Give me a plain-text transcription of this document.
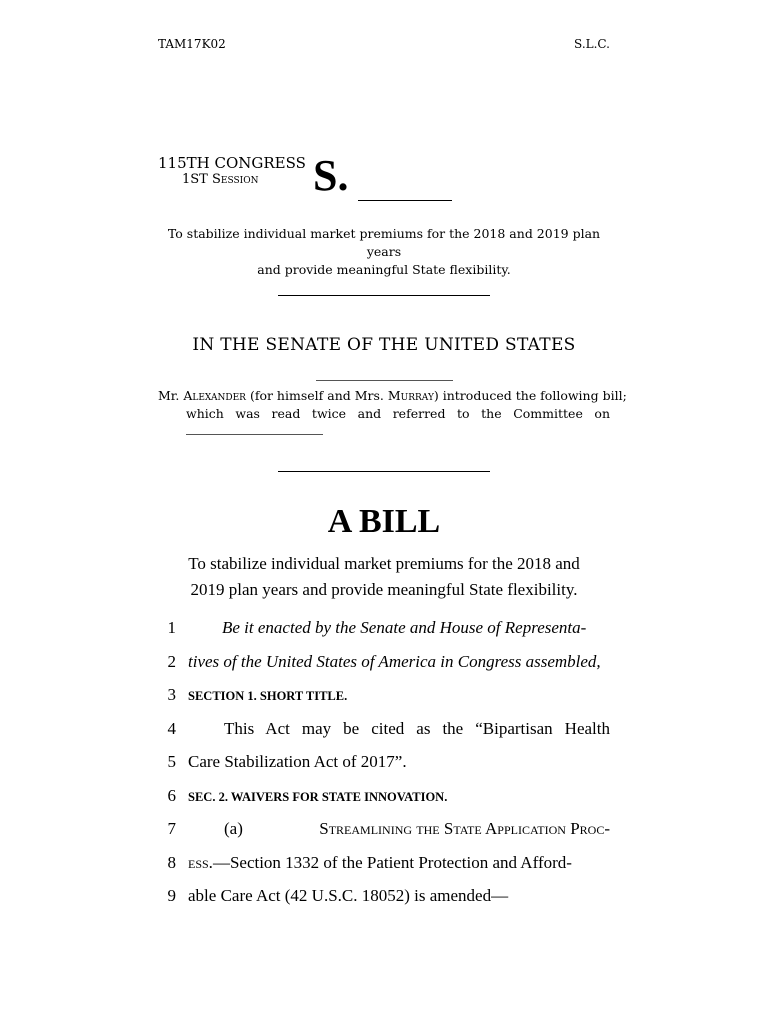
TAM17K02	S.L.C.
115TH CONGRESS
1ST Session S.
To stabilize individual market premiums for the 2018 and 2019 plan years
and provide meaningful State flexibility.
IN THE SENATE OF THE UNITED STATES
Mr. Alexander (for himself and Mrs. Murray) introduced the following bill;
which was read twice and referred to the Committee on
A BILL
To stabilize individual market premiums for the 2018 and
2019 plan years and provide meaningful State flexibility.
1	Be it enacted by the Senate and House of Representa-
2 tives of the United States of America in Congress assembled,
3 SECTION 1. SHORT TITLE.
4	This Act may be cited as the “Bipartisan Health
5 Care Stabilization Act of 2017”.
6 SEC. 2. WAIVERS FOR STATE INNOVATION.
7	(a)	Streamlining the State Application Proc-
8 ess.—Section 1332 of the Patient Protection and Afford-
9 able Care Act (42 U.S.C. 18052) is amended—
